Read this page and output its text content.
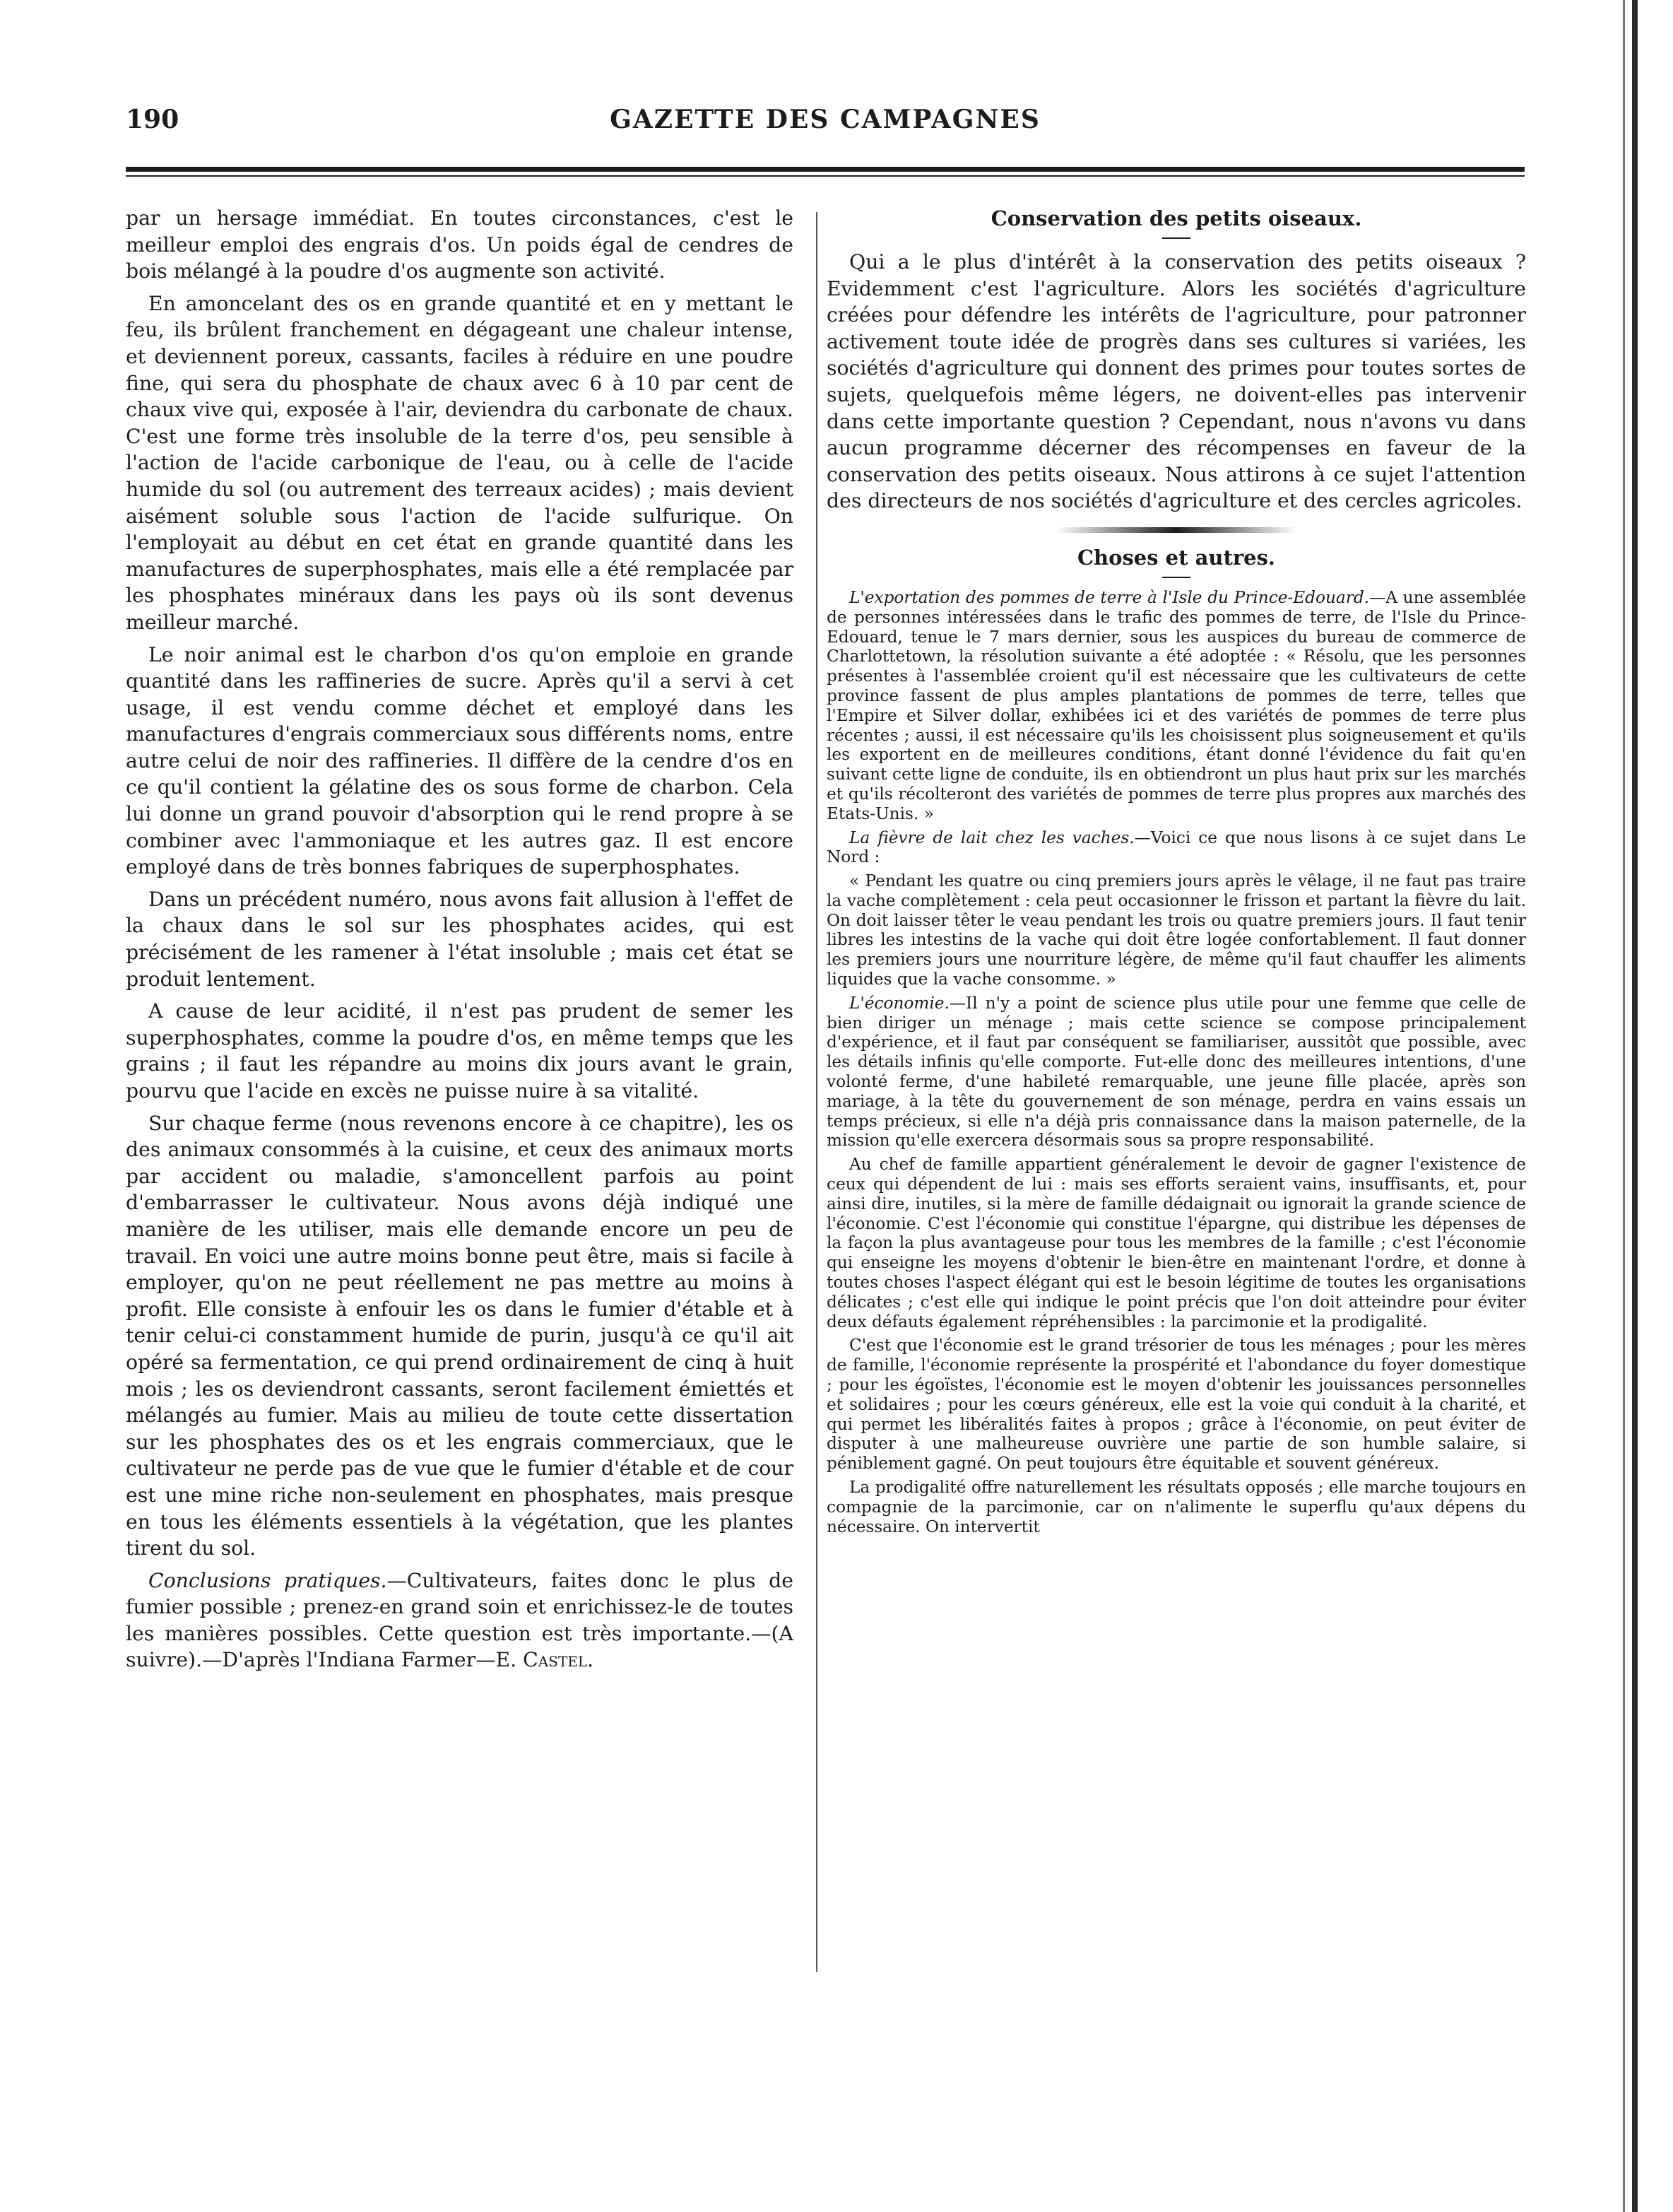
190	GAZETTE DES CAMPAGNES

par un hersage immédiat. En toutes circonstances, c'est le meilleur emploi des engrais d'os. Un poids égal de cendres de bois mélangé à la poudre d'os augmente son activité.

En amoncelant des os en grande quantité et en y mettant le feu, ils brûlent franchement en dégageant une chaleur intense, et deviennent poreux, cassants, faciles à réduire en une poudre fine, qui sera du phosphate de chaux avec 6 à 10 par cent de chaux vive qui, exposée à l'air, deviendra du carbonate de chaux. C'est une forme très insoluble de la terre d'os, peu sensible à l'action de l'acide carbonique de l'eau, ou à celle de l'acide humide du sol (ou autrement des terreaux acides) ; mais devient aisément soluble sous l'action de l'acide sulfurique. On l'employait au début en cet état en grande quantité dans les manufactures de superphosphates, mais elle a été remplacée par les phosphates minéraux dans les pays où ils sont devenus meilleur marché.

Le noir animal est le charbon d'os qu'on emploie en grande quantité dans les raffineries de sucre. Après qu'il a servi à cet usage, il est vendu comme déchet et employé dans les manufactures d'engrais commerciaux sous différents noms, entre autre celui de noir des raffineries. Il diffère de la cendre d'os en ce qu'il contient la gélatine des os sous forme de charbon. Cela lui donne un grand pouvoir d'absorption qui le rend propre à se combiner avec l'ammoniaque et les autres gaz. Il est encore employé dans de très bonnes fabriques de superphosphates.

Dans un précédent numéro, nous avons fait allusion à l'effet de la chaux dans le sol sur les phosphates acides, qui est précisément de les ramener à l'état insoluble ; mais cet état se produit lentement.

A cause de leur acidité, il n'est pas prudent de semer les superphosphates, comme la poudre d'os, en même temps que les grains ; il faut les répandre au moins dix jours avant le grain, pourvu que l'acide en excès ne puisse nuire à sa vitalité.

Sur chaque ferme (nous revenons encore à ce chapitre), les os des animaux consommés à la cuisine, et ceux des animaux morts par accident ou maladie, s'amoncellent parfois au point d'embarrasser le cultivateur. Nous avons déjà indiqué une manière de les utiliser, mais elle demande encore un peu de travail. En voici une autre moins bonne peut être, mais si facile à employer, qu'on ne peut réellement ne pas mettre au moins à profit. Elle consiste à enfouir les os dans le fumier d'étable et à tenir celui-ci constamment humide de purin, jusqu'à ce qu'il ait opéré sa fermentation, ce qui prend ordinairement de cinq à huit mois ; les os deviendront cassants, seront facilement émiettés et mélangés au fumier. Mais au milieu de toute cette dissertation sur les phosphates des os et les engrais commerciaux, que le cultivateur ne perde pas de vue que le fumier d'étable et de cour est une mine riche non-seulement en phosphates, mais presque en tous les éléments essentiels à la végétation, que les plantes tirent du sol.

Conclusions pratiques.—Cultivateurs, faites donc le plus de fumier possible ; prenez-en grand soin et enrichissez-le de toutes les manières possibles. Cette question est très importante.—(A suivre).—D'après l'Indiana Farmer—E. Castel.

Conservation des petits oiseaux.

Qui a le plus d'intérêt à la conservation des petits oiseaux ? Evidemment c'est l'agriculture. Alors les sociétés d'agriculture créées pour défendre les intérêts de l'agriculture, pour patronner activement toute idée de progrès dans ses cultures si variées, les sociétés d'agriculture qui donnent des primes pour toutes sortes de sujets, quelquefois même légers, ne doivent-elles pas intervenir dans cette importante question ? Cependant, nous n'avons vu dans aucun programme décerner des récompenses en faveur de la conservation des petits oiseaux. Nous attirons à ce sujet l'attention des directeurs de nos sociétés d'agriculture et des cercles agricoles.

Choses et autres.

L'exportation des pommes de terre à l'Isle du Prince-Edouard.—A une assemblée de personnes intéressées dans le trafic des pommes de terre, de l'Isle du Prince-Edouard, tenue le 7 mars dernier, sous les auspices du bureau de commerce de Charlottetown, la résolution suivante a été adoptée : « Résolu, que les personnes présentes à l'assemblée croient qu'il est nécessaire que les cultivateurs de cette province fassent de plus amples plantations de pommes de terre, telles que l'Empire et Silver dollar, exhibées ici et des variétés de pommes de terre plus récentes ; aussi, il est nécessaire qu'ils les choisissent plus soigneusement et qu'ils les exportent en de meilleures conditions, étant donné l'évidence du fait qu'en suivant cette ligne de conduite, ils en obtiendront un plus haut prix sur les marchés et qu'ils récolteront des variétés de pommes de terre plus propres aux marchés des Etats-Unis. »

La fièvre de lait chez les vaches.—Voici ce que nous lisons à ce sujet dans Le Nord :

« Pendant les quatre ou cinq premiers jours après le vêlage, il ne faut pas traire la vache complètement : cela peut occasionner le frisson et partant la fièvre du lait. On doit laisser têter le veau pendant les trois ou quatre premiers jours. Il faut tenir libres les intestins de la vache qui doit être logée confortablement. Il faut donner les premiers jours une nourriture légère, de même qu'il faut chauffer les aliments liquides que la vache consomme. »

L'économie.—Il n'y a point de science plus utile pour une femme que celle de bien diriger un ménage ; mais cette science se compose principalement d'expérience, et il faut par conséquent se familiariser, aussitôt que possible, avec les détails infinis qu'elle comporte. Fut-elle donc des meilleures intentions, d'une volonté ferme, d'une habileté remarquable, une jeune fille placée, après son mariage, à la tête du gouvernement de son ménage, perdra en vains essais un temps précieux, si elle n'a déjà pris connaissance dans la maison paternelle, de la mission qu'elle exercera désormais sous sa propre responsabilité.

Au chef de famille appartient généralement le devoir de gagner l'existence de ceux qui dépendent de lui : mais ses efforts seraient vains, insuffisants, et, pour ainsi dire, inutiles, si la mère de famille dédaignait ou ignorait la grande science de l'économie. C'est l'économie qui constitue l'épargne, qui distribue les dépenses de la façon la plus avantageuse pour tous les membres de la famille ; c'est l'économie qui enseigne les moyens d'obtenir le bien-être en maintenant l'ordre, et donne à toutes choses l'aspect élégant qui est le besoin légitime de toutes les organisations délicates ; c'est elle qui indique le point précis que l'on doit atteindre pour éviter deux défauts également répréhensibles : la parcimonie et la prodigalité.

C'est que l'économie est le grand trésorier de tous les ménages ; pour les mères de famille, l'économie représente la prospérité et l'abondance du foyer domestique ; pour les égoïstes, l'économie est le moyen d'obtenir les jouissances personnelles et solidaires ; pour les cœurs généreux, elle est la voie qui conduit à la charité, et qui permet les libéralités faites à propos ; grâce à l'économie, on peut éviter de disputer à une malheureuse ouvrière une partie de son humble salaire, si péniblement gagné. On peut toujours être équitable et souvent généreux.

La prodigalité offre naturellement les résultats opposés ; elle marche toujours en compagnie de la parcimonie, car on n'alimente le superflu qu'aux dépens du nécessaire. On intervertit
